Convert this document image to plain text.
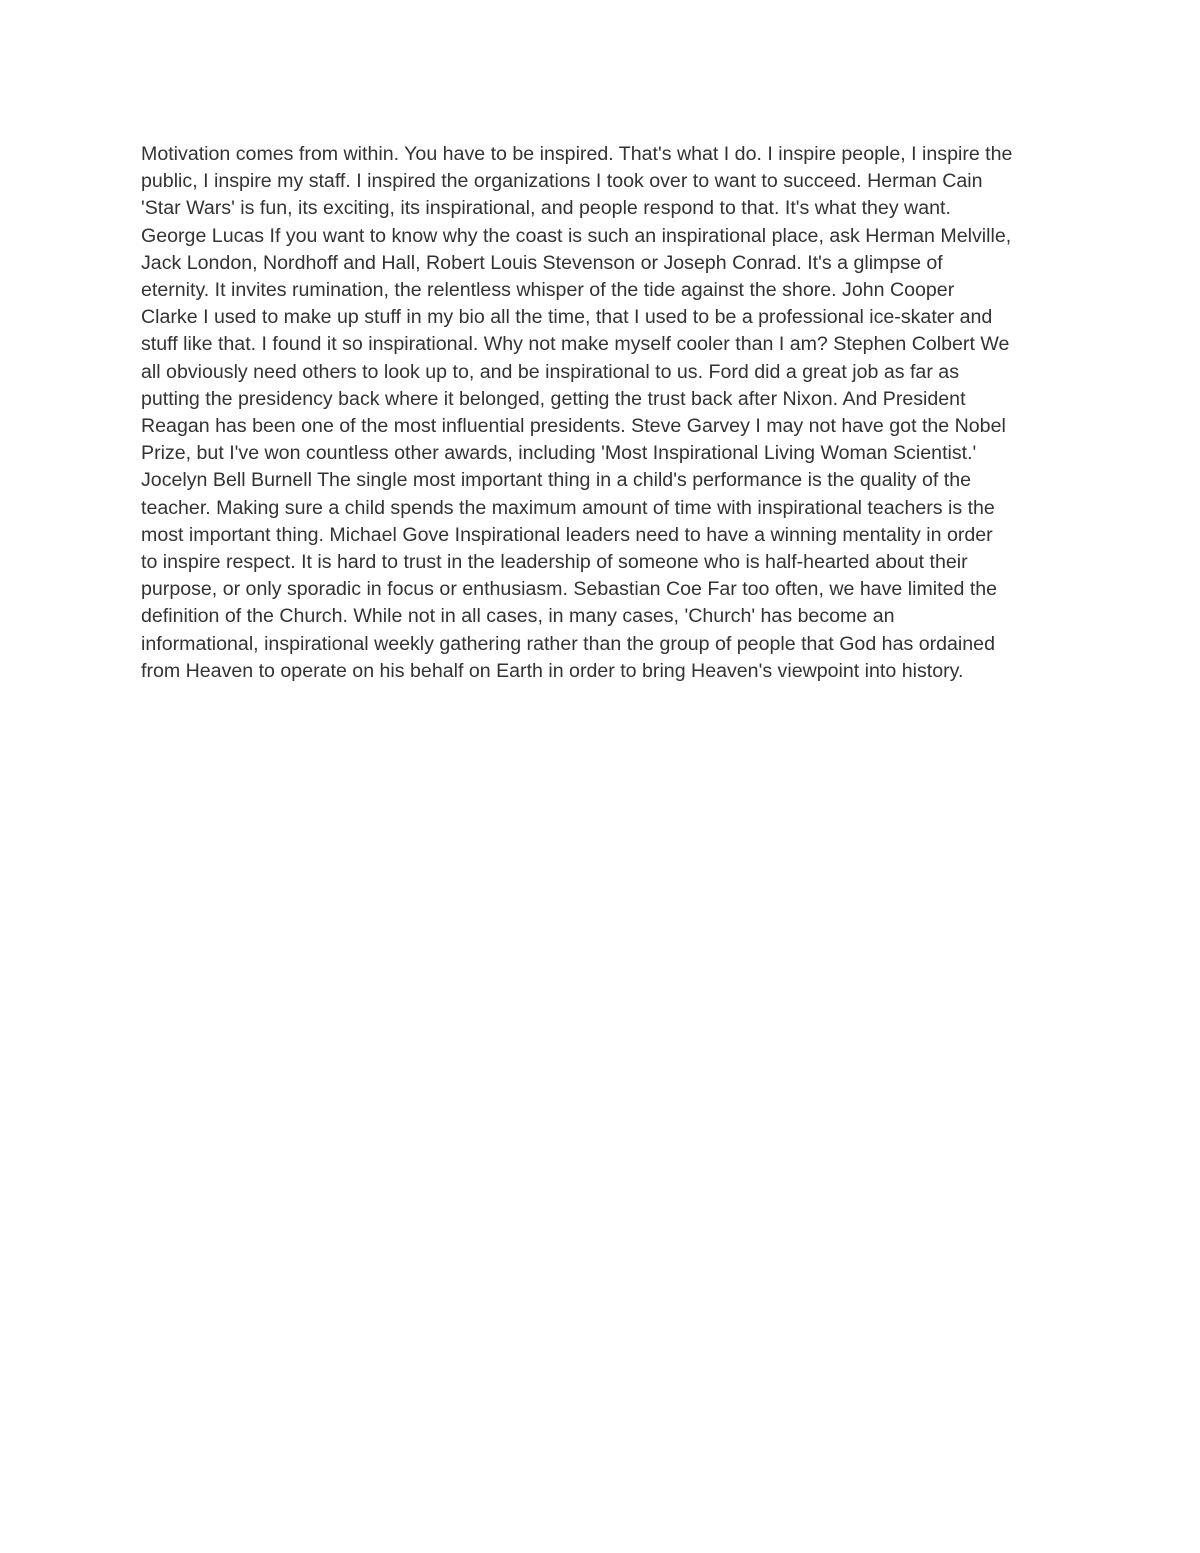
Motivation comes from within. You have to be inspired. That's what I do. I inspire people, I inspire the
public, I inspire my staff. I inspired the organizations I took over to want to succeed. Herman Cain
'Star Wars' is fun, its exciting, its inspirational, and people respond to that. It's what they want.
George Lucas If you want to know why the coast is such an inspirational place, ask Herman Melville,
Jack London, Nordhoff and Hall, Robert Louis Stevenson or Joseph Conrad. It's a glimpse of
eternity. It invites rumination, the relentless whisper of the tide against the shore. John Cooper
Clarke I used to make up stuff in my bio all the time, that I used to be a professional ice-skater and
stuff like that. I found it so inspirational. Why not make myself cooler than I am? Stephen Colbert We
all obviously need others to look up to, and be inspirational to us. Ford did a great job as far as
putting the presidency back where it belonged, getting the trust back after Nixon. And President
Reagan has been one of the most influential presidents. Steve Garvey I may not have got the Nobel
Prize, but I've won countless other awards, including 'Most Inspirational Living Woman Scientist.'
Jocelyn Bell Burnell The single most important thing in a child's performance is the quality of the
teacher. Making sure a child spends the maximum amount of time with inspirational teachers is the
most important thing. Michael Gove Inspirational leaders need to have a winning mentality in order
to inspire respect. It is hard to trust in the leadership of someone who is half-hearted about their
purpose, or only sporadic in focus or enthusiasm. Sebastian Coe Far too often, we have limited the
definition of the Church. While not in all cases, in many cases, 'Church' has become an
informational, inspirational weekly gathering rather than the group of people that God has ordained
from Heaven to operate on his behalf on Earth in order to bring Heaven's viewpoint into history.
